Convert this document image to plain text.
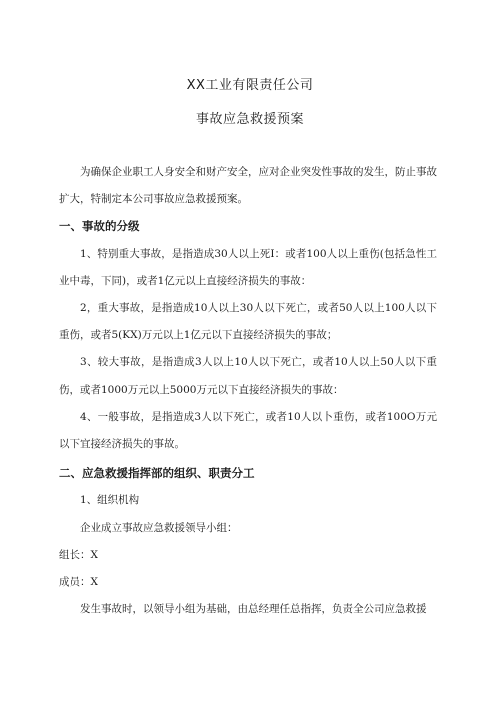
XX工业有限责任公司
事故应急救援预案

为确保企业职工人身安全和财产安全，应对企业突发性事故的发生，防止事故扩大，特制定本公司事故应急救援预案。

一、事故的分级

1、特别重大事故，是指造成30人以上死I：或者100人以上重伤(包括急性工业中毒，下同)，或者1亿元以上直接经济损失的事故：

2，重大事故，是指造成10人以上30人以下死亡，或者50人以上100人以下重伤，或者5(KX)万元以上1亿元以下直接经济损失的事故；

3、较大事故，是指造成3人以上10人以下死亡，或者10人以上50人以下重伤，或者1000万元以上5000万元以下直接经济损失的事故：

4、一般事故，是指造成3人以下死亡，或者10人以卜重伤，或者100O万元以下宜接经济损失的事故。

二、应急救援指挥部的组织、职责分工

1、组织机构

企业成立事故应急救援领导小组：

组长：X

成员：X

发生事故时，以领导小组为基础，由总经理任总指挥，负责全公司应急救援
